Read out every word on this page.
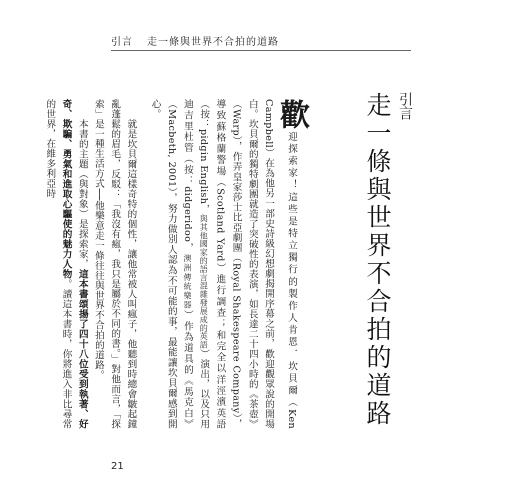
引言 走一條與世界不合拍的道路
引言
走一條與世界不合拍的道路

歡迎探索家！這些是特立獨行的製作人肯恩．坎貝爾（Ken Campbell）在為他另一部史詩級幻想劇揭開序幕之前，歡迎觀眾說的開場白。坎貝爾的獨特劇團就造了突破性的表演，如長達二十四小時的《茶壺》（Warp），作弄皇家莎士比亞劇團（Royal Shakespeare Company），導致蘇格蘭警場（Scotland Yard）進行調查；和完全以洋涇濱英語（按：pidgin English，與其他國家的語言混雜發展成的英語）演出，以及只用迪吉里杜管（按：didgeridoo，澳洲傳統樂器）作為道具的《馬克白》（Macbeth, 2001），努力做別人認為不可能的事，最能讓坎貝爾感到開心。

　　就是坎貝爾這樣奇特的個性，讓他常被人叫瘋子，他聽到時總會皺起鐘亂蓬鬆的眉毛，反駁：「我沒有瘋，我只是屬於不同的書。」對他而言，「探索」是一種生活方式──他樂意走一條往往與世界不合拍的道路。

　　本書的主題（與對象）是探索家，這本書頌揚了四十八位受到執著、好奇、欺騙、勇氣和進取心驅使的魅力人物。讀這本書時，你將進入非比尋常的世界，在維多利亞時

21
